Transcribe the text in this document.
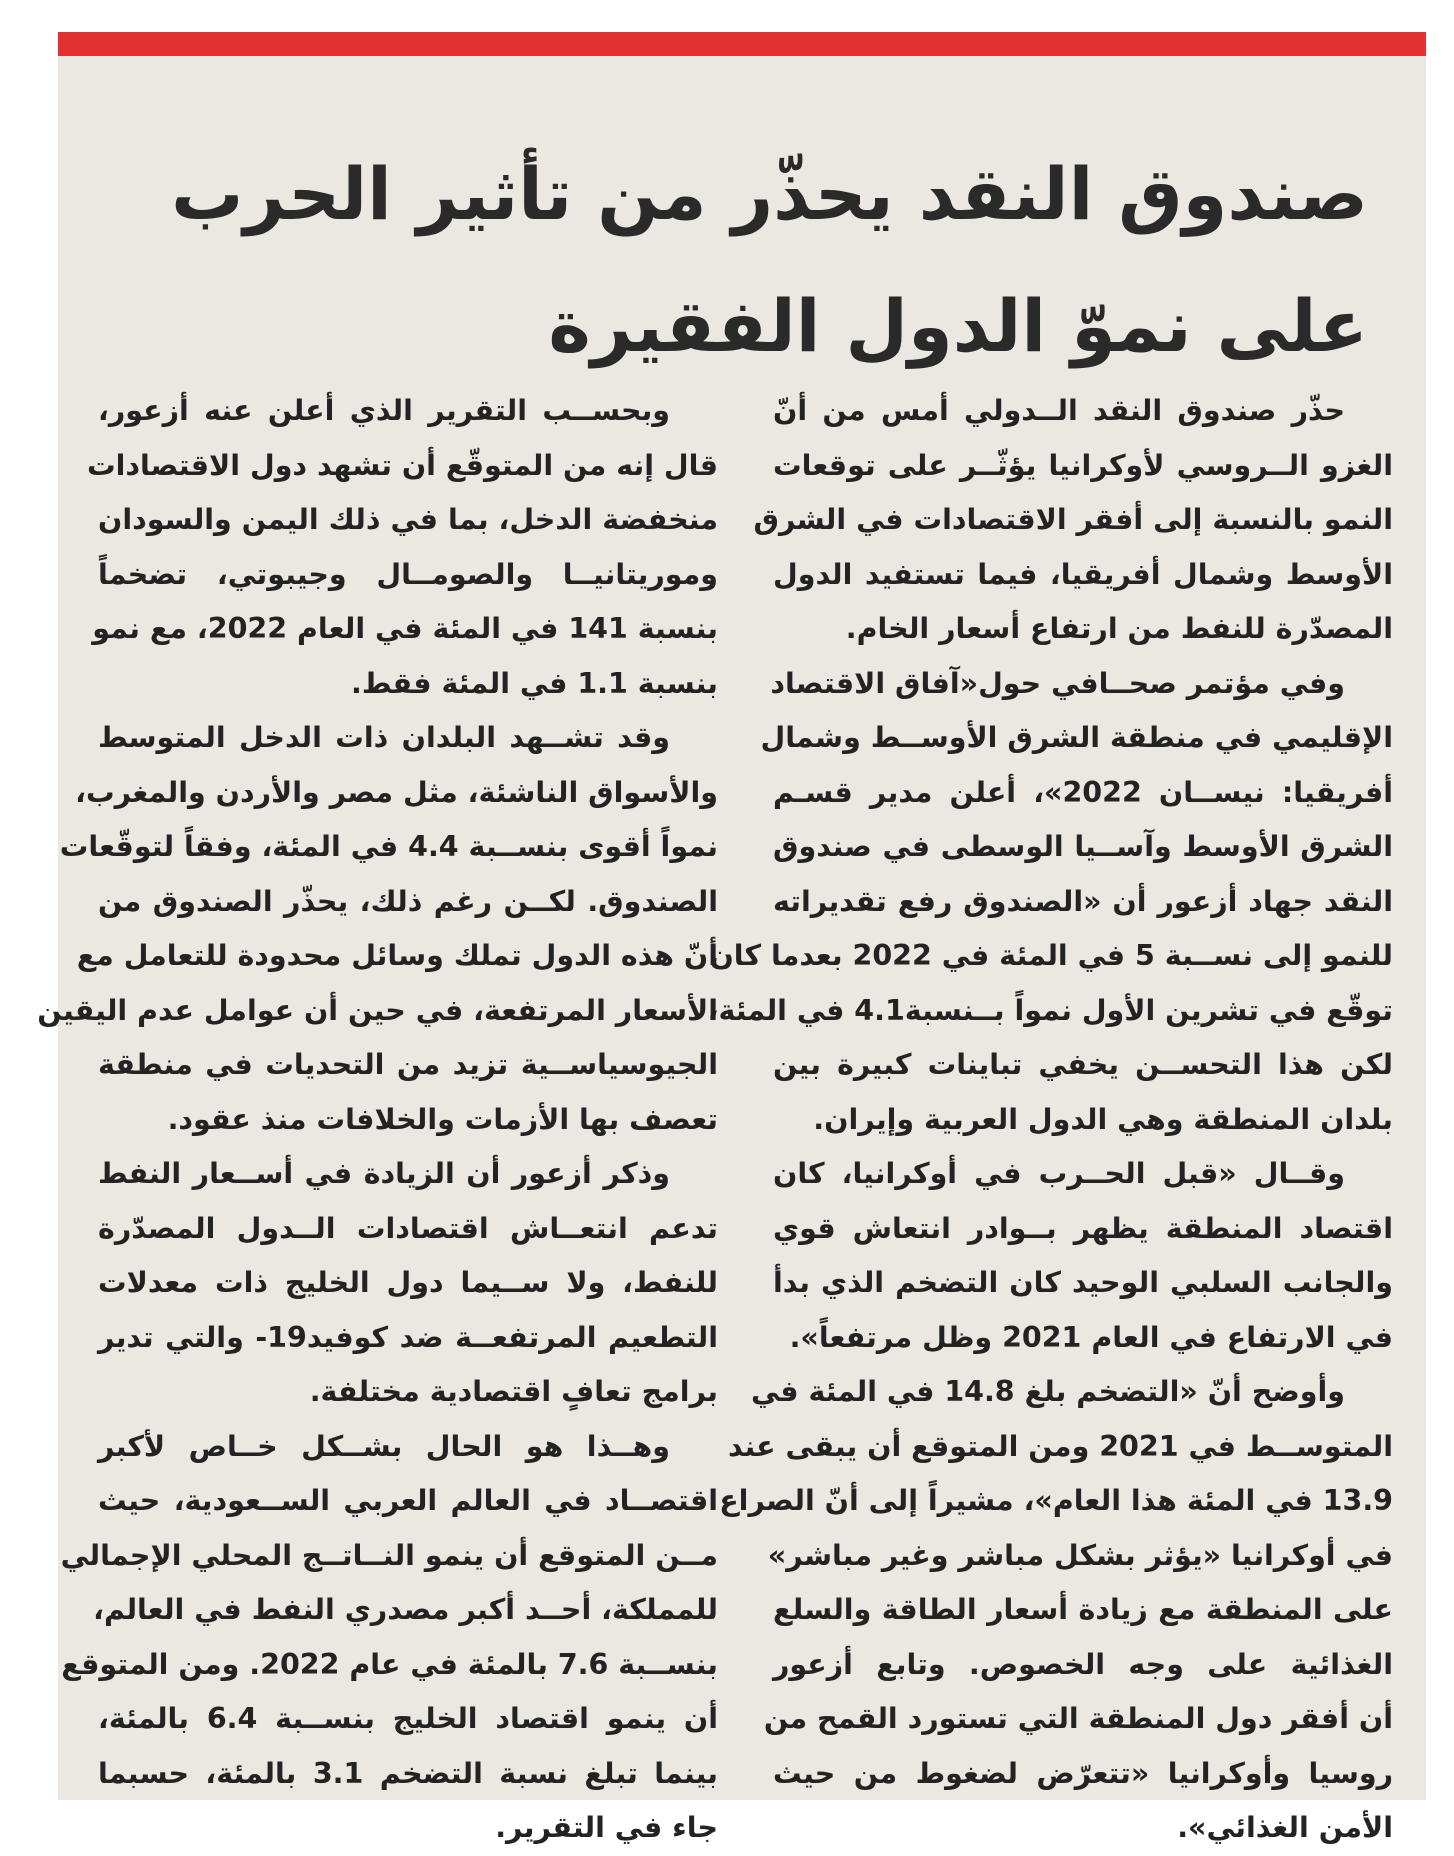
صندوق النقد يحذّر من تأثير الحرب
على نموّ الدول الفقيرة
حذّر صندوق النقد الــدولي أمس من أنّ
الغزو الــروسي لأوكرانيا يؤثّــر على توقعات
النمو بالنسبة إلى أفقر الاقتصادات في الشرق
الأوسط وشمال أفريقيا، فيما تستفيد الدول
المصدّرة للنفط من ارتفاع أسعار الخام.
وفي مؤتمر صحــافي حول«آفاق الاقتصاد
الإقليمي في منطقة الشرق الأوســط وشمال
أفريقيا: نيســان 2022»، أعلن مدير قسـم
الشرق الأوسط وآســيا الوسطى في صندوق
النقد جهاد أزعور أن «الصندوق رفع تقديراته
للنمو إلى نســبة 5 في المئة في 2022 بعدما كان
توقّع في تشرين الأول نمواً بــنسبة4.1 في المئة،
لكن هذا التحســن يخفي تباينات كبيرة بين
بلدان المنطقة وهي الدول العربية وإيران.
وقــال «قبل الحــرب في أوكرانيا، كان
اقتصاد المنطقة يظهر بــوادر انتعاش قوي
والجانب السلبي الوحيد كان التضخم الذي بدأ
في الارتفاع في العام 2021 وظل مرتفعاً».
وأوضح أنّ «التضخم بلغ 14.8 في المئة في
المتوســط في 2021 ومن المتوقع أن يبقى عند
13.9 في المئة هذا العام»، مشيراً إلى أنّ الصراع
في أوكرانيا «يؤثر بشكل مباشر وغير مباشر»
على المنطقة مع زيادة أسعار الطاقة والسلع
الغذائية على وجه الخصوص. وتابع أزعور
أن أفقر دول المنطقة التي تستورد القمح من
روسيا وأوكرانيا «تتعرّض لضغوط من حيث
الأمن الغذائي».
وبحســب التقرير الذي أعلن عنه أزعور،
قال إنه من المتوقّع أن تشهد دول الاقتصادات
منخفضة الدخل، بما في ذلك اليمن والسودان
وموريتانيــا والصومــال وجيبوتي، تضخماً
بنسبة 141 في المئة في العام 2022، مع نمو
بنسبة 1.1 في المئة فقط.
وقد تشــهد البلدان ذات الدخل المتوسط
والأسواق الناشئة، مثل مصر والأردن والمغرب،
نمواً أقوى بنســبة 4.4 في المئة، وفقاً لتوقّعات
الصندوق. لكــن رغم ذلك، يحذّر الصندوق من
أنّ هذه الدول تملك وسائل محدودة للتعامل مع
الأسعار المرتفعة، في حين أن عوامل عدم اليقين
الجيوسياســية تزيد من التحديات في منطقة
تعصف بها الأزمات والخلافات منذ عقود.
وذكر أزعور أن الزيادة في أســعار النفط
تدعم انتعــاش اقتصادات الــدول المصدّرة
للنفط، ولا ســيما دول الخليج ذات معدلات
التطعيم المرتفعــة ضد كوفيد19- والتي تدير
برامج تعافٍ اقتصادية مختلفة.
وهــذا هو الحال بشــكل خــاص لأكبر
اقتصــاد في العالم العربي الســعودية، حيث
مــن المتوقع أن ينمو النــاتــج المحلي الإجمالي
للمملكة، أحــد أكبر مصدري النفط في العالم،
بنســبة 7.6 بالمئة في عام 2022. ومن المتوقع
أن ينمو اقتصاد الخليج بنســبة 6.4 بالمئة،
بينما تبلغ نسبة التضخم 3.1 بالمئة، حسبما
جاء في التقرير.
